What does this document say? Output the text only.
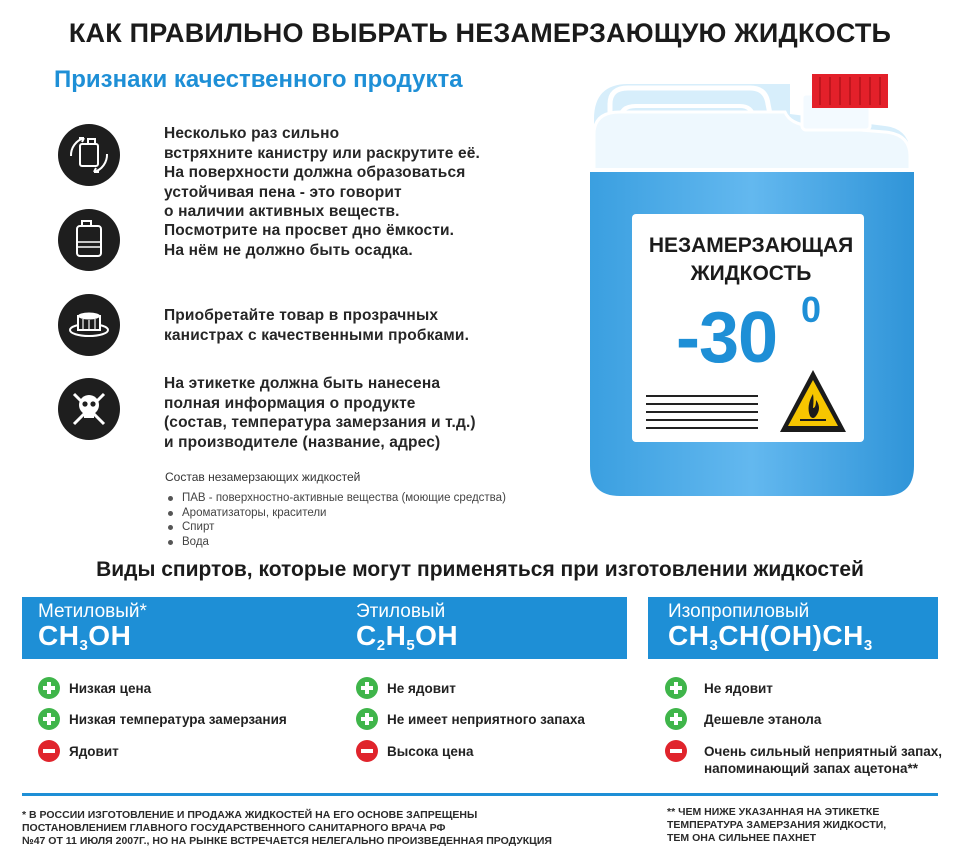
КАК ПРАВИЛЬНО ВЫБРАТЬ НЕЗАМЕРЗАЮЩУЮ ЖИДКОСТЬ
Признаки качественного продукта
Несколько раз сильно
встряхните канистру или раскрутите её.
На поверхности должна образоваться
устойчивая пена - это говорит
о наличии активных веществ.
Посмотрите на просвет дно ёмкости.
На нём не должно быть осадка.
Приобретайте товар в прозрачных
канистрах с качественными пробками.
На этикетке должна быть нанесена
полная информация о продукте
(состав, температура замерзания и т.д.)
и производителе (название, адрес)
Состав незамерзающих жидкостей
ПАВ - поверхностно-активные вещества (моющие средства)
Ароматизаторы, красители
Спирт
Вода
НЕЗАМЕРЗАЮЩАЯ
ЖИДКОСТЬ
-30 0
Виды спиртов, которые могут применяться при изготовлении жидкостей
Метиловый*
$CH_3OH$
Этиловый
$C_2H_5OH$
Изопропиловый
$CH_3CH(OH)CH_3$
Низкая цена
Низкая температура замерзания
Ядовит
Не ядовит
Не имеет неприятного запаха
Высока цена
Не ядовит
Дешевле этанола
Очень сильный неприятный запах,
напоминающий запах ацетона**
* В РОССИИ ИЗГОТОВЛЕНИЕ И ПРОДАЖА ЖИДКОСТЕЙ НА ЕГО ОСНОВЕ ЗАПРЕЩЕНЫ
ПОСТАНОВЛЕНИЕМ ГЛАВНОГО ГОСУДАРСТВЕННОГО САНИТАРНОГО ВРАЧА РФ
№47 ОТ 11 ИЮЛЯ 2007Г., НО НА РЫНКЕ ВСТРЕЧАЕТСЯ НЕЛЕГАЛЬНО ПРОИЗВЕДЕННАЯ ПРОДУКЦИЯ
** ЧЕМ НИЖЕ УКАЗАННАЯ НА ЭТИКЕТКЕ
ТЕМПЕРАТУРА ЗАМЕРЗАНИЯ ЖИДКОСТИ,
ТЕМ ОНА СИЛЬНЕЕ ПАХНЕТ
